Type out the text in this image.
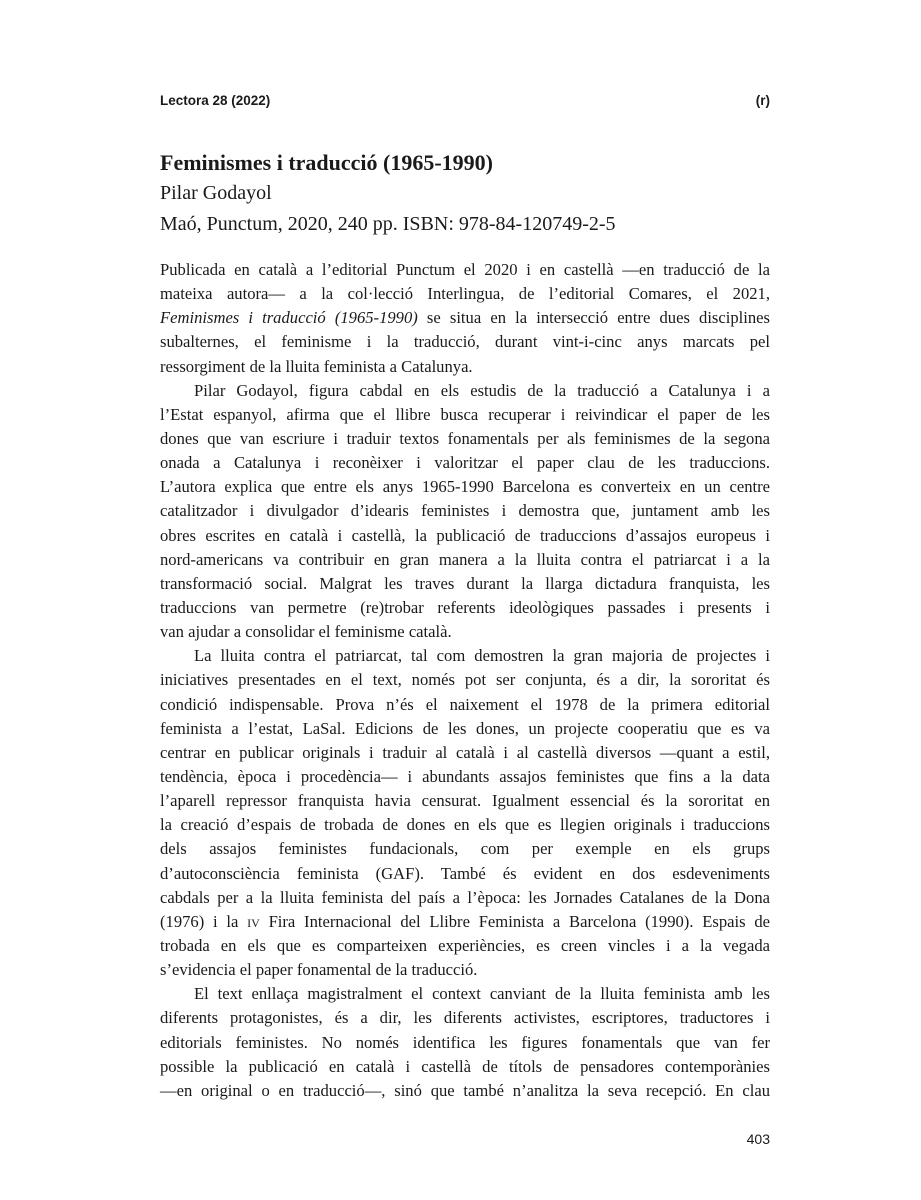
Lectora 28 (2022)	(r)
Feminismes i traducció (1965-1990)
Pilar Godayol
Maó, Punctum, 2020, 240 pp. ISBN: 978-84-120749-2-5
Publicada en català a l’editorial Punctum el 2020 i en castellà —en traducció de la
mateixa autora— a la col·lecció Interlingua, de l’editorial Comares, el 2021,
Feminismes i traducció (1965-1990) se situa en la intersecció entre dues disciplines
subalternes, el feminisme i la traducció, durant vint-i-cinc anys marcats pel
ressorgiment de la lluita feminista a Catalunya.
Pilar Godayol, figura cabdal en els estudis de la traducció a Catalunya i a
l’Estat espanyol, afirma que el llibre busca recuperar i reivindicar el paper de les
dones que van escriure i traduir textos fonamentals per als feminismes de la segona
onada a Catalunya i reconèixer i valoritzar el paper clau de les traduccions.
L’autora explica que entre els anys 1965-1990 Barcelona es converteix en un centre
catalitzador i divulgador d’idearis feministes i demostra que, juntament amb les
obres escrites en català i castellà, la publicació de traduccions d’assajos europeus i
nord-americans va contribuir en gran manera a la lluita contra el patriarcat i a la
transformació social. Malgrat les traves durant la llarga dictadura franquista, les
traduccions van permetre (re)trobar referents ideològiques passades i presents i
van ajudar a consolidar el feminisme català.
La lluita contra el patriarcat, tal com demostren la gran majoria de projectes i
iniciatives presentades en el text, només pot ser conjunta, és a dir, la sororitat és
condició indispensable. Prova n’és el naixement el 1978 de la primera editorial
feminista a l’estat, LaSal. Edicions de les dones, un projecte cooperatiu que es va
centrar en publicar originals i traduir al català i al castellà diversos —quant a estil,
tendència, època i procedència— i abundants assajos feministes que fins a la data
l’aparell repressor franquista havia censurat. Igualment essencial és la sororitat en
la creació d’espais de trobada de dones en els que es llegien originals i traduccions
dels assajos feministes fundacionals, com per exemple en els grups
d’autoconsciència feminista (GAF). També és evident en dos esdeveniments
cabdals per a la lluita feminista del país a l’època: les Jornades Catalanes de la Dona
(1976) i la iv Fira Internacional del Llibre Feminista a Barcelona (1990). Espais de
trobada en els que es comparteixen experiències, es creen vincles i a la vegada
s’evidencia el paper fonamental de la traducció.
El text enllaça magistralment el context canviant de la lluita feminista amb les
diferents protagonistes, és a dir, les diferents activistes, escriptores, traductores i
editorials feministes. No només identifica les figures fonamentals que van fer
possible la publicació en català i castellà de títols de pensadores contemporànies
—en original o en traducció—, sinó que també n’analitza la seva recepció. En clau
403
